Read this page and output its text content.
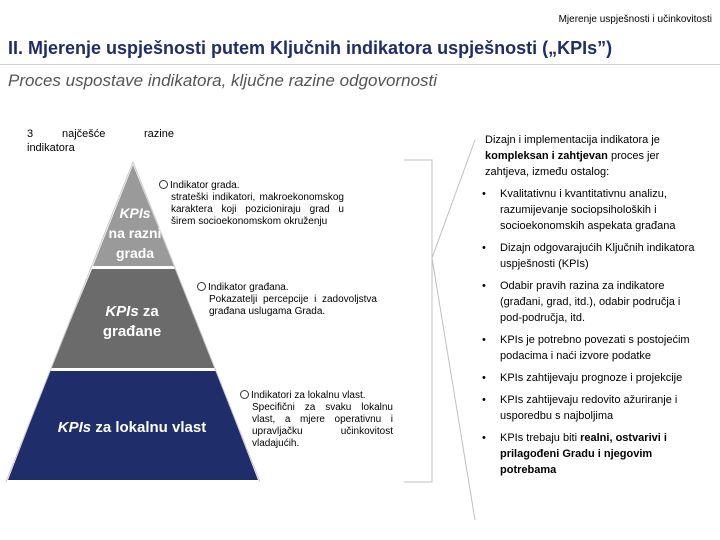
Mjerenje uspješnosti i učinkovitosti
II. Mjerenje uspješnosti putem Ključnih indikatora uspješnosti („KPIs”)
Proces uspostave indikatora, ključne razine odgovornosti
3	najčešće	razine
indikatora
KPIs
na razni
grada
KPIs za
građane
KPIs za lokalnu vlast
Indikator grada.
strateški indikatori, makroekonomskog karaktera koji pozicioniraju grad u širem socioekonomskom okruženju
Indikator građana.
Pokazatelji percepcije i zadovoljstva građana uslugama Grada.
Indikatori za lokalnu vlast.
Specifični za svaku lokalnu vlast, a mjere operativnu i upravljačku učinkovitost vladajućih.
Dizajn i implementacija indikatora je kompleksan i zahtjevan proces jer zahtjeva, između ostalog:
• Kvalitativnu i kvantitativnu analizu, razumijevanje sociopsiholoških i socioekonomskih aspekata građana
• Dizajn odgovarajućih Ključnih indikatora uspješnosti (KPIs)
• Odabir pravih razina za indikatore (građani, grad, itd.), odabir područja i pod-područja, itd.
• KPIs je potrebno povezati s postojećim podacima i naći izvore podatke
• KPIs zahtijevaju prognoze i projekcije
• KPIs zahtijevaju redovito ažuriranje i usporedbu s najboljima
• KPIs trebaju biti realni, ostvarivi i prilagođeni Gradu i njegovim potrebama
